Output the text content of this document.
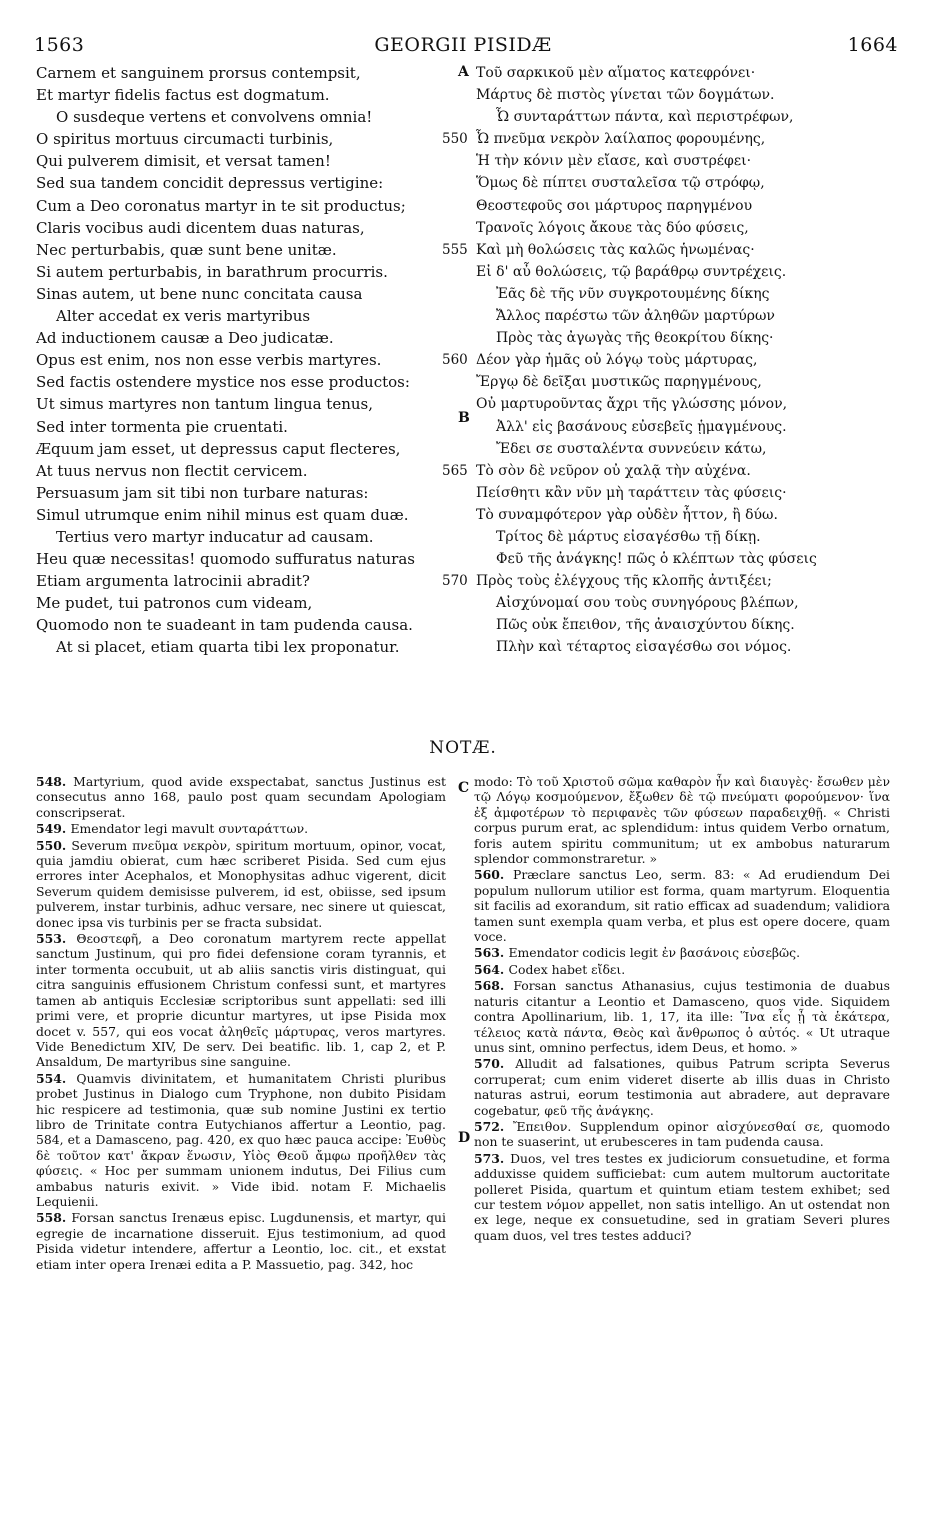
1563	GEORGII PISIDÆ	1664
A
B
C
D
Carnem et sanguinem prorsus contempsit,
Et martyr fidelis factus est dogmatum.
O susdeque vertens et convolvens omnia!
O spiritus mortuus circumacti turbinis,
Qui pulverem dimisit, et versat tamen!
Sed sua tandem concidit depressus vertigine:
Cum a Deo coronatus martyr in te sit productus;
Claris vocibus audi dicentem duas naturas,
Nec perturbabis, quæ sunt bene unitæ.
Si autem perturbabis, in barathrum procurris.
Sinas autem, ut bene nunc concitata causa
Alter accedat ex veris martyribus
Ad inductionem causæ a Deo judicatæ.
Opus est enim, nos non esse verbis martyres.
Sed factis ostendere mystice nos esse productos:
Ut simus martyres non tantum lingua tenus,
Sed inter tormenta pie cruentati.
Æquum jam esset, ut depressus caput flecteres,
At tuus nervus non flectit cervicem.
Persuasum jam sit tibi non turbare naturas:
Simul utrumque enim nihil minus est quam duæ.
Tertius vero martyr inducatur ad causam.
Heu quæ necessitas! quomodo suffuratus naturas
Etiam argumenta latrocinii abradit?
Me pudet, tui patronos cum videam,
Quomodo non te suadeant in tam pudenda causa.
At si placet, etiam quarta tibi lex proponatur.
Τοῦ σαρκικοῦ μὲν αἵματος κατεφρόνει·
Μάρτυς δὲ πιστὸς γίνεται τῶν δογμάτων.
Ὦ συνταράττων πάντα, καὶ περιστρέφων,
550 Ὦ πνεῦμα νεκρὸν λαίλαπος φορουμένης,
Ἡ τὴν κόνιν μὲν εἴασε, καὶ συστρέφει·
Ὅμως δὲ πίπτει συσταλεῖσα τῷ στρόφῳ,
Θεοστεφοῦς σοι μάρτυρος παρηγμένου
Τρανοῖς λόγοις ἄκουε τὰς δύο φύσεις,
555 Καὶ μὴ θολώσεις τὰς καλῶς ἡνωμένας·
Εἰ δ' αὖ θολώσεις, τῷ βαράθρῳ συντρέχεις.
Ἐᾶς δὲ τῆς νῦν συγκροτουμένης δίκης
Ἄλλος παρέστω τῶν ἀληθῶν μαρτύρων
Πρὸς τὰς ἀγωγὰς τῆς θεοκρίτου δίκης·
560 Δέον γὰρ ἡμᾶς οὐ λόγῳ τοὺς μάρτυρας,
Ἔργῳ δὲ δεῖξαι μυστικῶς παρηγμένους,
Οὐ μαρτυροῦντας ἄχρι τῆς γλώσσης μόνον,
Ἀλλ' εἰς βασάνους εὐσεβεῖς ᾑμαγμένους.
Ἔδει σε συσταλέντα συννεύειν κάτω,
565 Τὸ σὸν δὲ νεῦρον οὐ χαλᾷ τὴν αὐχένα.
Πείσθητι κἂν νῦν μὴ ταράττειν τὰς φύσεις·
Τὸ συναμφότερον γὰρ οὐδὲν ἧττον, ἢ δύω.
Τρίτος δὲ μάρτυς εἰσαγέσθω τῇ δίκῃ.
Φεῦ τῆς ἀνάγκης! πῶς ὁ κλέπτων τὰς φύσεις
570 Πρὸς τοὺς ἐλέγχους τῆς κλοπῆς ἀντιξέει;
Αἰσχύνομαί σου τοὺς συνηγόρους βλέπων,
Πῶς οὐκ ἔπειθον, τῆς ἀναισχύντου δίκης.
Πλὴν καὶ τέταρτος εἰσαγέσθω σοι νόμος.
NOTÆ.

548. Martyrium, quod avide exspectabat, sanctus Justinus est consecutus anno 168, paulo post quam secundam Apologiam conscripserat.

549. Emendator legi mavult συνταράττων.

550. Severum πνεῦμα νεκρὸν, spiritum mortuum, opinor, vocat, quia jamdiu obierat, cum hæc scriberet Pisida. Sed cum ejus errores inter Acephalos, et Monophysitas adhuc vigerent, dicit Severum quidem demisisse pulverem, id est, obiisse, sed ipsum pulverem, instar turbinis, adhuc versare, nec sinere ut quiescat, donec ipsa vis turbinis per se fracta subsidat.

553. Θεοστεφῆ, a Deo coronatum martyrem recte appellat sanctum Justinum, qui pro fidei defensione coram tyrannis, et inter tormenta occubuit, ut ab aliis sanctis viris distinguat, qui citra sanguinis effusionem Christum confessi sunt, et martyres tamen ab antiquis Ecclesiæ scriptoribus sunt appellati: sed illi primi vere, et proprie dicuntur martyres, ut ipse Pisida mox docet v. 557, qui eos vocat ἀληθεῖς μάρτυρας, veros martyres. Vide Benedictum XIV, De serv. Dei beatific. lib. 1, cap 2, et P. Ansaldum, De martyribus sine sanguine.

554. Quamvis divinitatem, et humanitatem Christi pluribus probet Justinus in Dialogo cum Tryphone, non dubito Pisidam hic respicere ad testimonia, quæ sub nomine Justini ex tertio libro de Trinitate contra Eutychianos affertur a Leontio, pag. 584, et a Damasceno, pag. 420, ex quo hæc pauca accipe: Ἐυθὺς δὲ τοῦτον κατ' ἄκραν ἕνωσιν, Υἱὸς Θεοῦ ἄμφω προῆλθεν τὰς φύσεις. « Hoc per summam unionem indutus, Dei Filius cum ambabus naturis exivit. » Vide ibid. notam F. Michaelis Lequienii.

558. Forsan sanctus Irenæus episc. Lugdunensis, et martyr, qui egregie de incarnatione disseruit. Ejus testimonium, ad quod Pisida videtur intendere, affertur a Leontio, loc. cit., et exstat etiam inter opera Irenæi edita a P. Massuetio, pag. 342, hoc

modo: Τὸ τοῦ Χριστοῦ σῶμα καθαρὸν ἦν καὶ διαυγὲς· ἔσωθεν μὲν τῷ Λόγῳ κοσμούμενον, ἔξωθεν δὲ τῷ πνεύματι φορούμενον· ἵνα ἐξ ἀμφοτέρων τὸ περιφανὲς τῶν φύσεων παραδειχθῇ. « Christi corpus purum erat, ac splendidum: intus quidem Verbo ornatum, foris autem spiritu communitum; ut ex ambobus naturarum splendor commonstraretur. »

560. Præclare sanctus Leo, serm. 83: « Ad erudiendum Dei populum nullorum utilior est forma, quam martyrum. Eloquentia sit facilis ad exorandum, sit ratio efficax ad suadendum; validiora tamen sunt exempla quam verba, et plus est opere docere, quam voce.

563. Emendator codicis legit ἐν βασάνοις εὐσεβῶς.

564. Codex habet εἴδει.

568. Forsan sanctus Athanasius, cujus testimonia de duabus naturis citantur a Leontio et Damasceno, quos vide. Siquidem contra Apollinarium, lib. 1, 17, ita ille: Ἵνα εἷς ᾖ τὰ ἑκάτερα, τέλειος κατὰ πάντα, Θεὸς καὶ ἄνθρωπος ὁ αὐτός. « Ut utraque unus sint, omnino perfectus, idem Deus, et homo. »

570. Alludit ad falsationes, quibus Patrum scripta Severus corruperat; cum enim videret diserte ab illis duas in Christo naturas astrui, eorum testimonia aut abradere, aut depravare cogebatur, φεῦ τῆς ἀνάγκης.

572. Ἔπειθον. Supplendum opinor αἰσχύνεσθαί σε, quomodo non te suaserint, ut erubesceres in tam pudenda causa.

573. Duos, vel tres testes ex judiciorum consuetudine, et forma adduxisse quidem sufficiebat: cum autem multorum auctoritate polleret Pisida, quartum et quintum etiam testem exhibet; sed cur testem νόμον appellet, non satis intelligo. An ut ostendat non ex lege, neque ex consuetudine, sed in gratiam Severi plures quam duos, vel tres testes adduci?
